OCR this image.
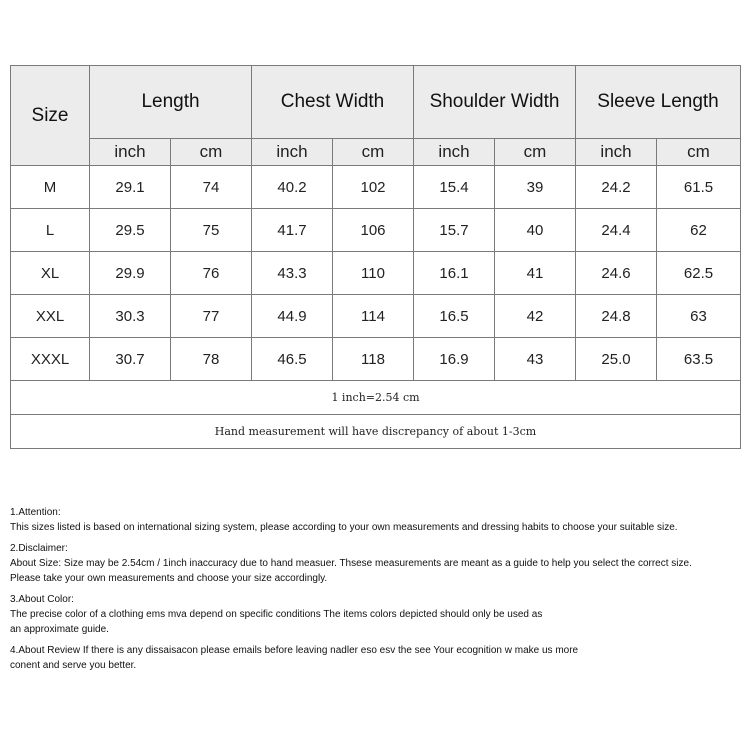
Size	Length		Chest Width		Shoulder Width		Sleeve Length	
	inch	cm	inch	cm	inch	cm	inch	cm
M	29.1	74	40.2	102	15.4	39	24.2	61.5
L	29.5	75	41.7	106	15.7	40	24.4	62
XL	29.9	76	43.3	110	16.1	41	24.6	62.5
XXL	30.3	77	44.9	114	16.5	42	24.8	63
XXXL	30.7	78	46.5	118	16.9	43	25.0	63.5
1 inch=2.54 cm								
Hand measurement will have discrepancy of about 1-3cm								
1.Attention:
This sizes listed is based on international sizing system, please according to your own measurements and dressing habits to choose your suitable size.
2.Disclaimer:
About Size: Size may be 2.54cm / 1inch inaccuracy due to hand measuer. Thsese measurements are meant as a guide to help you select the correct size.
Please take your own measurements and choose your size accordingly.
3.About Color:
The precise color of a clothing ems mva depend on specific conditions The items colors depicted should only be used as
an approximate guide.
4.About Review If there is any dissaisacon please emails before leaving nadler eso esv the see Your ecognition w make us more
conent and serve you better.
